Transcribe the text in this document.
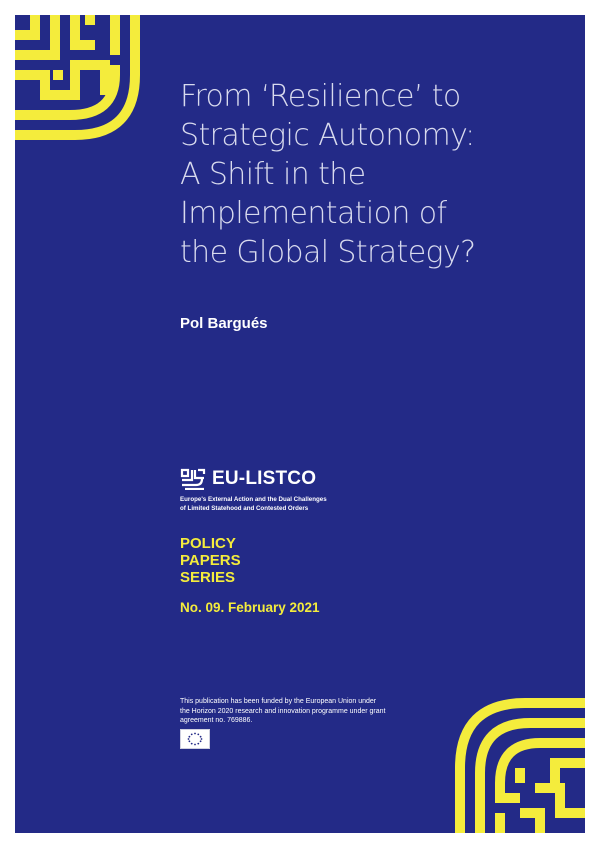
From ‘Resilience’ to
Strategic Autonomy:
A Shift in the
Implementation of
the Global Strategy?
Pol Bargués
EU-LISTCO
Europe's External Action and the Dual Challenges
of Limited Statehood and Contested Orders
POLICY
PAPERS
SERIES
No. 09. February 2021
This publication has been funded by the European Union under
the Horizon 2020 research and innovation programme under grant
agreement no. 769886.
